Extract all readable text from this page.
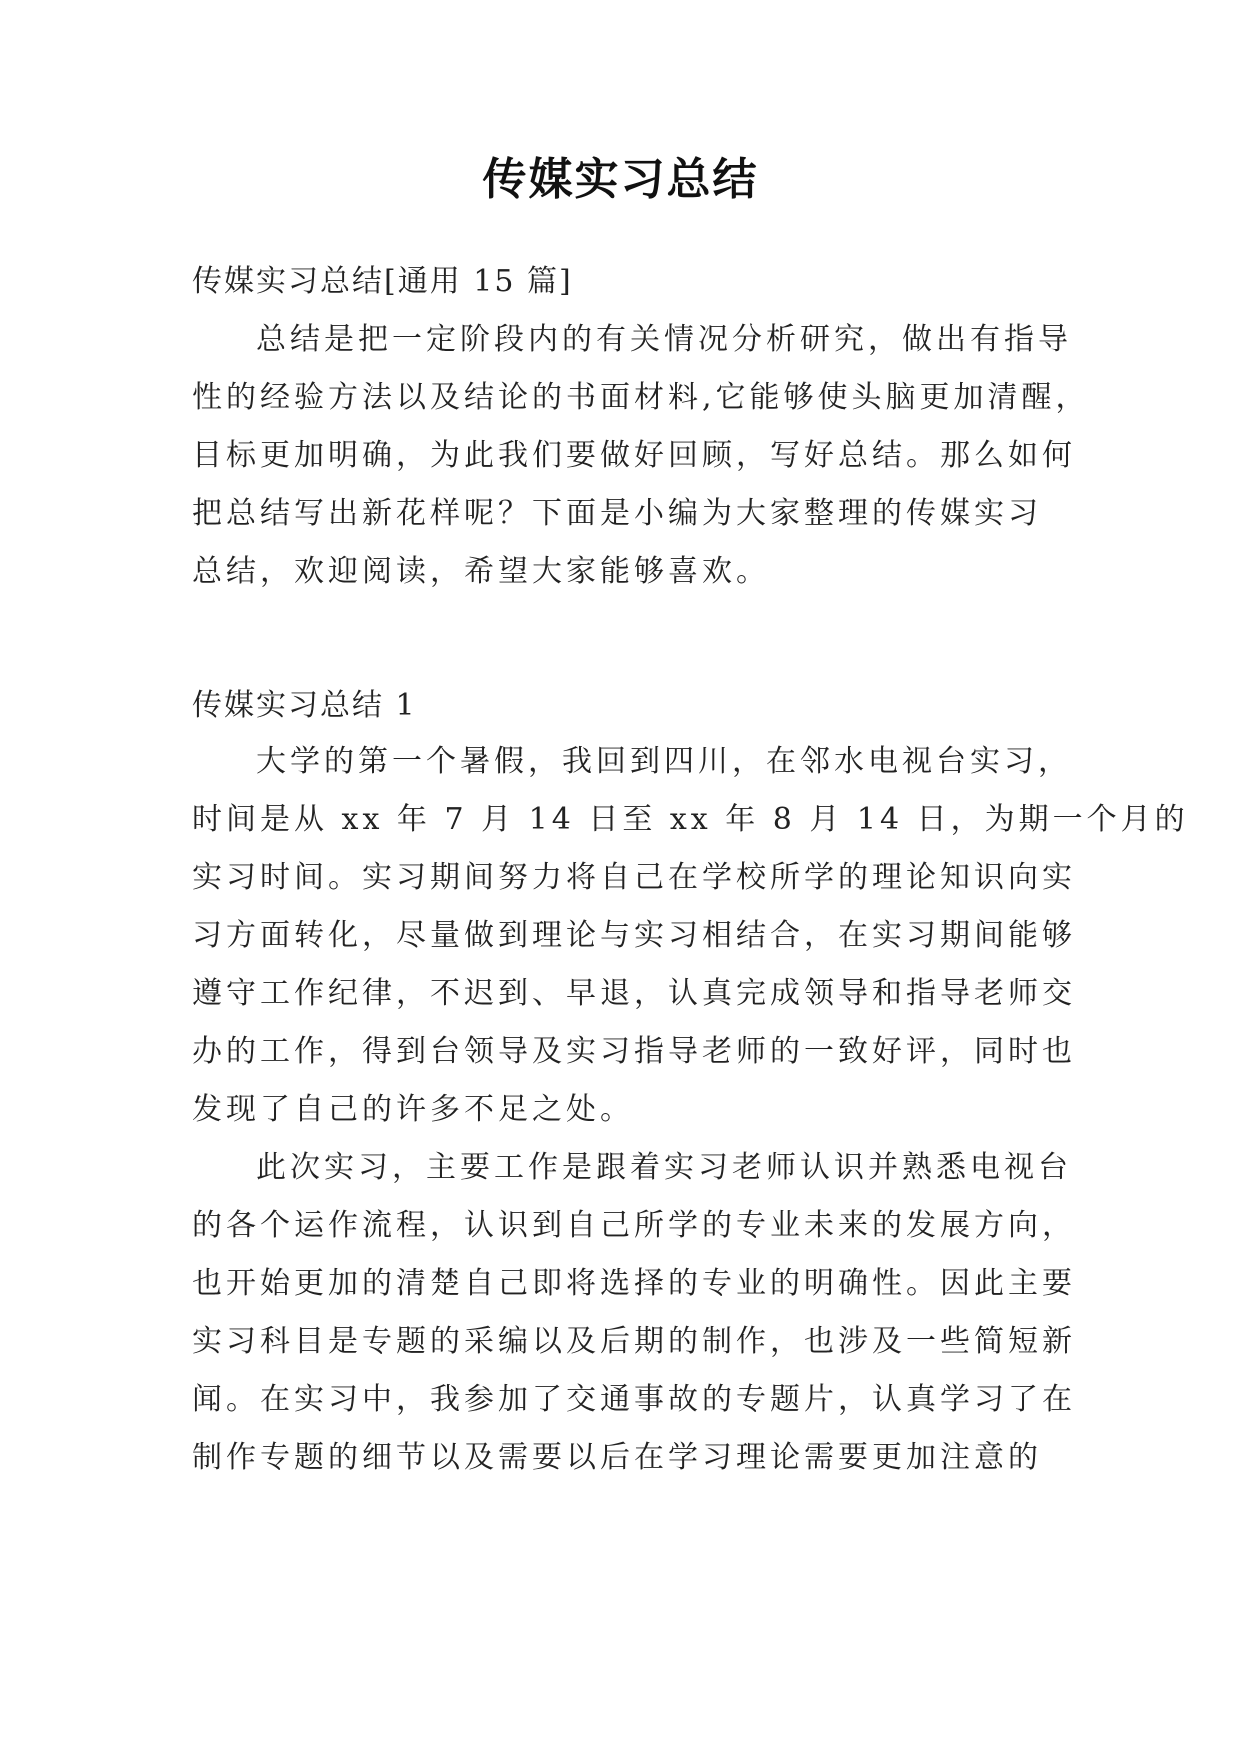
传媒实习总结
传媒实习总结[通用 15 篇]
总结是把一定阶段内的有关情况分析研究，做出有指导
性的经验方法以及结论的书面材料,它能够使头脑更加清醒，
目标更加明确，为此我们要做好回顾，写好总结。那么如何
把总结写出新花样呢？下面是小编为大家整理的传媒实习
总结，欢迎阅读，希望大家能够喜欢。
传媒实习总结 1
大学的第一个暑假，我回到四川，在邻水电视台实习，
时间是从 xx 年 7 月 14 日至 xx 年 8 月 14 日，为期一个月的
实习时间。实习期间努力将自己在学校所学的理论知识向实
习方面转化，尽量做到理论与实习相结合，在实习期间能够
遵守工作纪律，不迟到、早退，认真完成领导和指导老师交
办的工作，得到台领导及实习指导老师的一致好评，同时也
发现了自己的许多不足之处。
此次实习，主要工作是跟着实习老师认识并熟悉电视台
的各个运作流程，认识到自己所学的专业未来的发展方向，
也开始更加的清楚自己即将选择的专业的明确性。因此主要
实习科目是专题的采编以及后期的制作，也涉及一些简短新
闻。在实习中，我参加了交通事故的专题片，认真学习了在
制作专题的细节以及需要以后在学习理论需要更加注意的
